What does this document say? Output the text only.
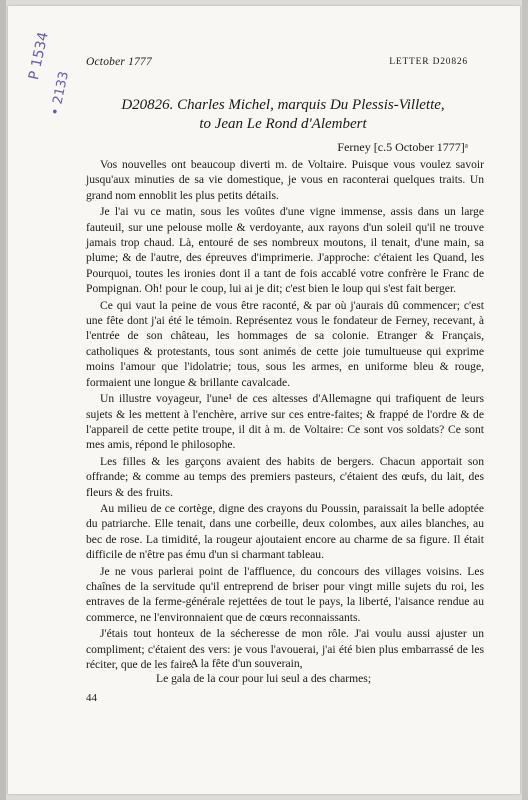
October 1777	LETTER D20826
P 1534
• 2133	D20826. Charles Michel, marquis Du Plessis-Villette,
to Jean Le Rond d'Alembert
Ferney [c.5 October 1777]ᵃ

Vos nouvelles ont beaucoup diverti m. de Voltaire. Puisque vous voulez savoir jusqu'aux minuties de sa vie domestique, je vous en raconterai quelques traits. Un grand nom ennoblit les plus petits détails.

Je l'ai vu ce matin, sous les voûtes d'une vigne immense, assis dans un large fauteuil, sur une pelouse molle & verdoyante, aux rayons d'un soleil qu'il ne trouve jamais trop chaud. Là, entouré de ses nombreux moutons, il tenait, d'une main, sa plume; & de l'autre, des épreuves d'imprimerie. J'approche: c'étaient les Quand, les Pourquoi, toutes les ironies dont il a tant de fois accablé votre confrère le Franc de Pompignan. Oh! pour le coup, lui ai je dit; c'est bien le loup qui s'est fait berger.

Ce qui vaut la peine de vous être raconté, & par où j'aurais dû commencer; c'est une fête dont j'ai été le témoin. Représentez vous le fondateur de Ferney, recevant, à l'entrée de son château, les hommages de sa colonie. Etranger & Français, catholiques & protestants, tous sont animés de cette joie tumultueuse qui exprime moins l'amour que l'idolatrie; tous, sous les armes, en uniforme bleu & rouge, formaient une longue & brillante cavalcade.

Un illustre voyageur, l'une¹ de ces altesses d'Allemagne qui trafiquent de leurs sujets & les mettent à l'enchère, arrive sur ces entre-faites; & frappé de l'ordre & de l'appareil de cette petite troupe, il dit à m. de Voltaire: Ce sont vos soldats? Ce sont mes amis, répond le philosophe.

Les filles & les garçons avaient des habits de bergers. Chacun apportait son offrande; & comme au temps des premiers pasteurs, c'étaient des œufs, du lait, des fleurs & des fruits.

Au milieu de ce cortège, digne des crayons du Poussin, paraissait la belle adoptée du patriarche. Elle tenait, dans une corbeille, deux colombes, aux ailes blanches, au bec de rose. La timidité, la rougeur ajoutaient encore au charme de sa figure. Il était difficile de n'être pas ému d'un si charmant tableau.

Je ne vous parlerai point de l'affluence, du concours des villages voisins. Les chaînes de la servitude qu'il entreprend de briser pour vingt mille sujets du roi, les entraves de la ferme-générale rejettées de tout le pays, la liberté, l'aisance rendue au commerce, ne l'environnaient que de cœurs reconnaissants.

J'étais tout honteux de la sécheresse de mon rôle. J'ai voulu aussi ajuster un compliment; c'étaient des vers: je vous l'avouerai, j'ai été bien plus embarrassé de les réciter, que de les faire.

A la fête d'un souverain,
Le gala de la cour pour lui seul a des charmes;
44
